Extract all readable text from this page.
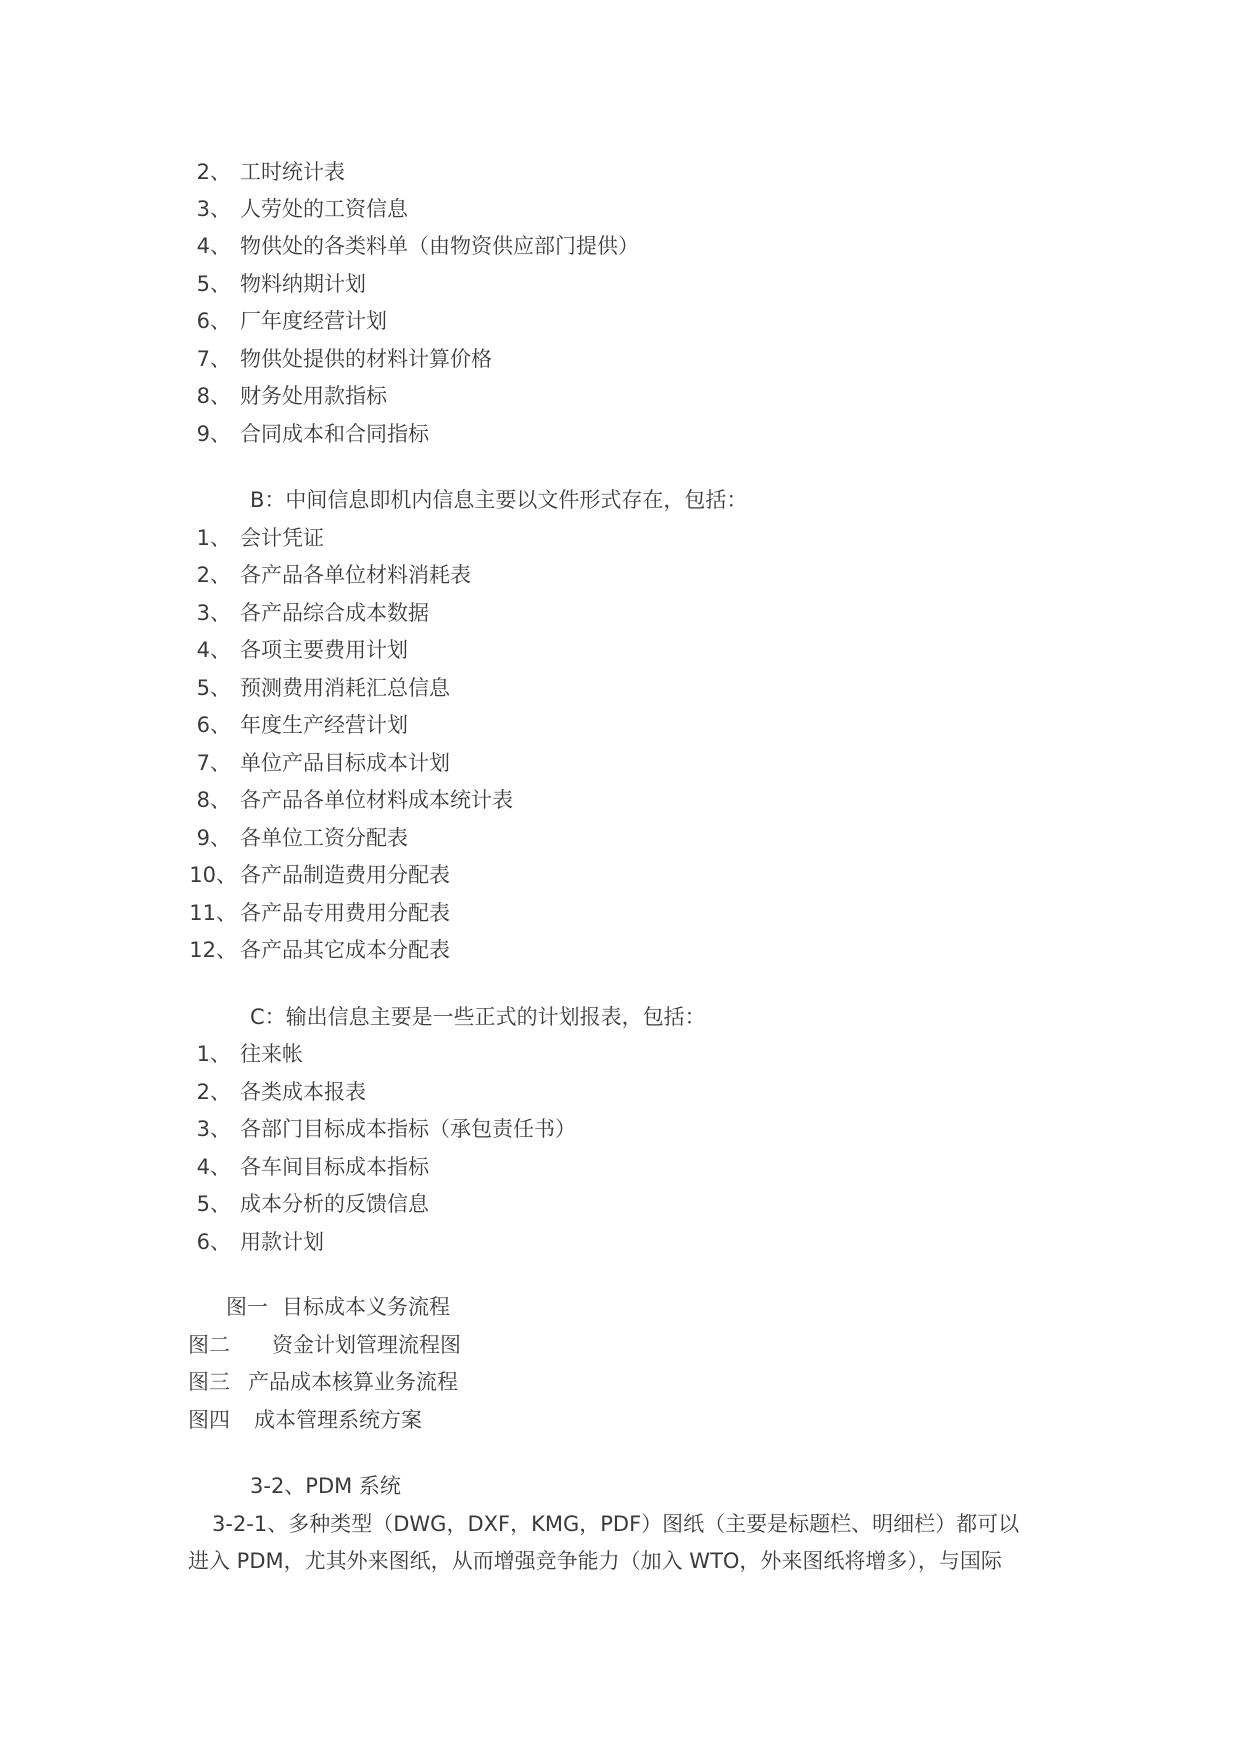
2 、 工时统计表
3 、 人劳处的工资信息
4 、 物供处的各类料单（由物资供应部门提供）
5 、 物料纳期计划
6 、 厂年度经营计划
7 、 物供处提供的材料计算价格
8 、 财务处用款指标
9 、 合同成本和合同指标
B：中间信息即机内信息主要以文件形式存在，包括：
1 、 会计凭证
2 、 各产品各单位材料消耗表
3 、 各产品综合成本数据
4 、 各项主要费用计划
5 、 预测费用消耗汇总信息
6 、 年度生产经营计划
7 、 单位产品目标成本计划
8 、 各产品各单位材料成本统计表
9 、 各单位工资分配表
10 、 各产品制造费用分配表
11 、 各产品专用费用分配表
12 、 各产品其它成本分配表
C：输出信息主要是一些正式的计划报表，包括：
1 、 往来帐
2 、 各类成本报表
3 、 各部门目标成本指标（承包责任书）
4 、 各车间目标成本指标
5 、 成本分析的反馈信息
6 、 用款计划
图一 目标成本义务流程
图二 资金计划管理流程图
图三 产品成本核算业务流程
图四 成本管理系统方案
3-2、PDM 系统
3-2-1、多种类型（DWG，DXF，KMG，PDF）图纸（主要是标题栏、明细栏）都可以
进入 PDM，尤其外来图纸，从而增强竞争能力（加入 WTO，外来图纸将增多），与国际
